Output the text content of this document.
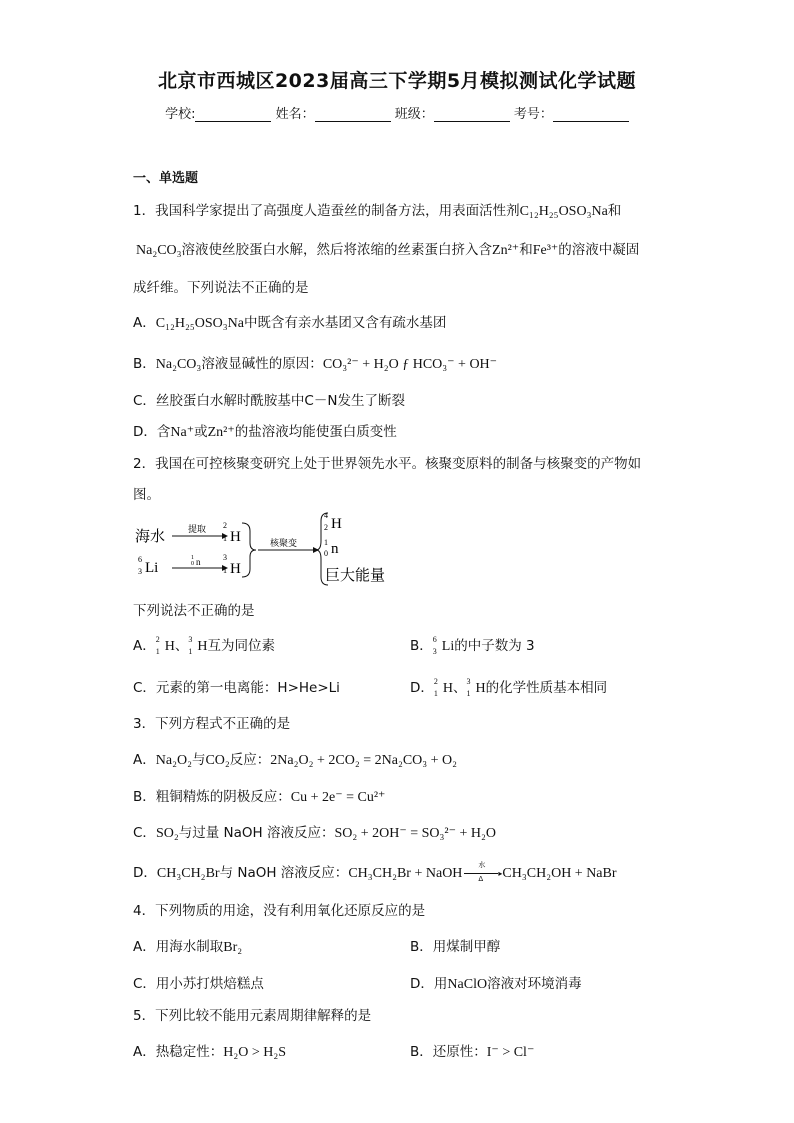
北京市西城区2023届高三下学期5月模拟测试化学试题
学校:	姓名：	班级：	考号：
一、单选题
1．我国科学家提出了高强度人造蚕丝的制备方法，用表面活性剂C₁₂H₂₅OSO₃Na和
Na₂CO₃溶液使丝胶蛋白水解，然后将浓缩的丝素蛋白挤入含Zn²⁺和Fe³⁺的溶液中凝固
成纤维。下列说法不正确的是
A．C₁₂H₂₅OSO₃Na中既含有亲水基团又含有疏水基团
B．Na₂CO₃溶液显碱性的原因：CO₃²⁻ + H₂O ƒ HCO₃⁻ + OH⁻
C．丝胶蛋白水解时酰胺基中C－N发生了断裂
D．含Na⁺或Zn²⁺的盐溶液均能使蛋白质变性
2．我国在可控核聚变研究上处于世界领先水平。核聚变原料的制备与核聚变的产物如
图。
海水	提取 2
1 H
6
3 Li
1
0 n	3
1 H
核聚变
4
2 H
1
0 n
巨大能量
下列说法不正确的是
A． 2
1 H、 3
1 H互为同位素	B． 6
3 Li的中子数为 3
C．元素的第一电离能：H>He>Li	D． 2
1 H、 3
1 H的化学性质基本相同
3．下列方程式不正确的是
A．Na₂O₂与CO₂反应：2Na₂O₂ + 2CO₂ = 2Na₂CO₃ + O₂
B．粗铜精炼的阴极反应：Cu + 2e⁻ = Cu²⁺
C．SO₂与过量 NaOH 溶液反应：SO₂ + 2OH⁻ = SO₃²⁻ + H₂O
D．CH₃CH₂Br与 NaOH 溶液反应：CH₃CH₂Br + NaOH
水
▸
Δ CH₃CH₂OH + NaBr
4．下列物质的用途，没有利用氧化还原反应的是
A．用海水制取Br₂	B．用煤制甲醇
C．用小苏打烘焙糕点	D．用NaClO溶液对环境消毒
5．下列比较不能用元素周期律解释的是
A．热稳定性：H₂O > H₂S	B．还原性：I⁻ > Cl⁻
